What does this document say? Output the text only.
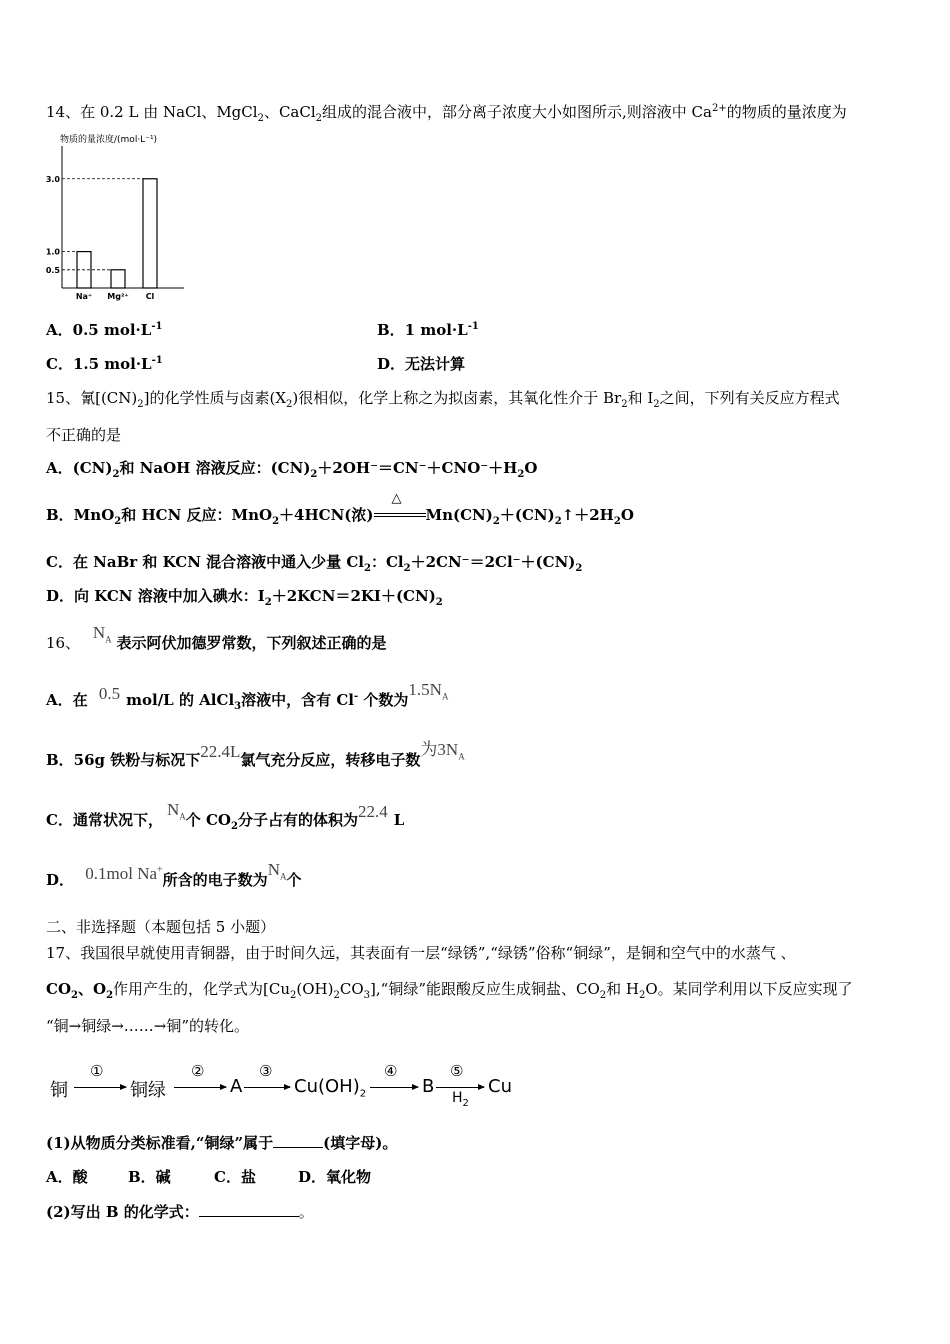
14、在 0.2 L 由 NaCl、MgCl$_2$、CaCl$_2$组成的混合液中，部分离子浓度大小如图所示,则溶液中 $Ca^{2+}$的物质的量浓度为
物质的量浓度/(mol·L⁻¹)
Na⁺ Mg²⁺ Cl
3.0
1.0
0.5
A．0.5 $mol\cdot L^{-1}$	B．1 $mol\cdot L^{-1}$
C．1.5 $mol\cdot L^{-1}$	D．无法计算
15、氰$[(CN)_2]$的化学性质与卤素$(X_2)$很相似，化学上称之为拟卤素，其氧化性介于 $Br_2$和 $I_2$之间，下列有关反应方程式
不正确的是
A．$(CN)_2$和 NaOH 溶液反应：$(CN)_2+2OH^-=CN^-+CNO^-+H_2O$
B．MnO$_2$和 HCN 反应：MnO$_2$＋4HCN(浓)
△
$Mn(CN)_2+(CN)_2↑+2H_2O$
C．在 NaBr 和 KCN 混合溶液中通入少量 $Cl_2$：$Cl_2+2CN^-=2Cl^-+(CN)_2$
D．向 KCN 溶液中加入碘水：$I_2+2KCN=2KI+(CN)_2$
16、 $N_A$ 表示阿伏加德罗常数，下列叙述正确的是
A．在 0.5 mol/L 的 AlCl$_3$溶液中，含有 Cl- 个数为$1.5N_A$
B．56g 铁粉与标况下22.4L氯气充分反应，转移电子数为$3N_A$
C．通常状况下，$N_A$个 $CO_2$分子占有的体积为22.4 L
D． 0.1mol Na+所含的电子数为$N_A$个
二、非选择题（本题包括 5 小题）
17、我国很早就使用青铜器，由于时间久远，其表面有一层“绿锈”,“绿锈”俗称“铜绿”，是铜和空气中的水蒸气 、
$CO_2$、$O_2$作用产生的，化学式为$[Cu_2(OH)_2CO_3],“$铜绿”能跟酸反应生成铜盐、$CO_2$和 $H_2O$。某同学利用以下反应实现了
“铜→铜绿→……→铜”的转化。
铜
①
铜绿
②
A
③
$Cu(OH)_2$
④
B
⑤
$H_2$
Cu
(1)从物质分类标准看,“铜绿”属于	(填字母)。
A．酸	B．碱	C．盐	D．氧化物
(2)写出 B 的化学式：	。
